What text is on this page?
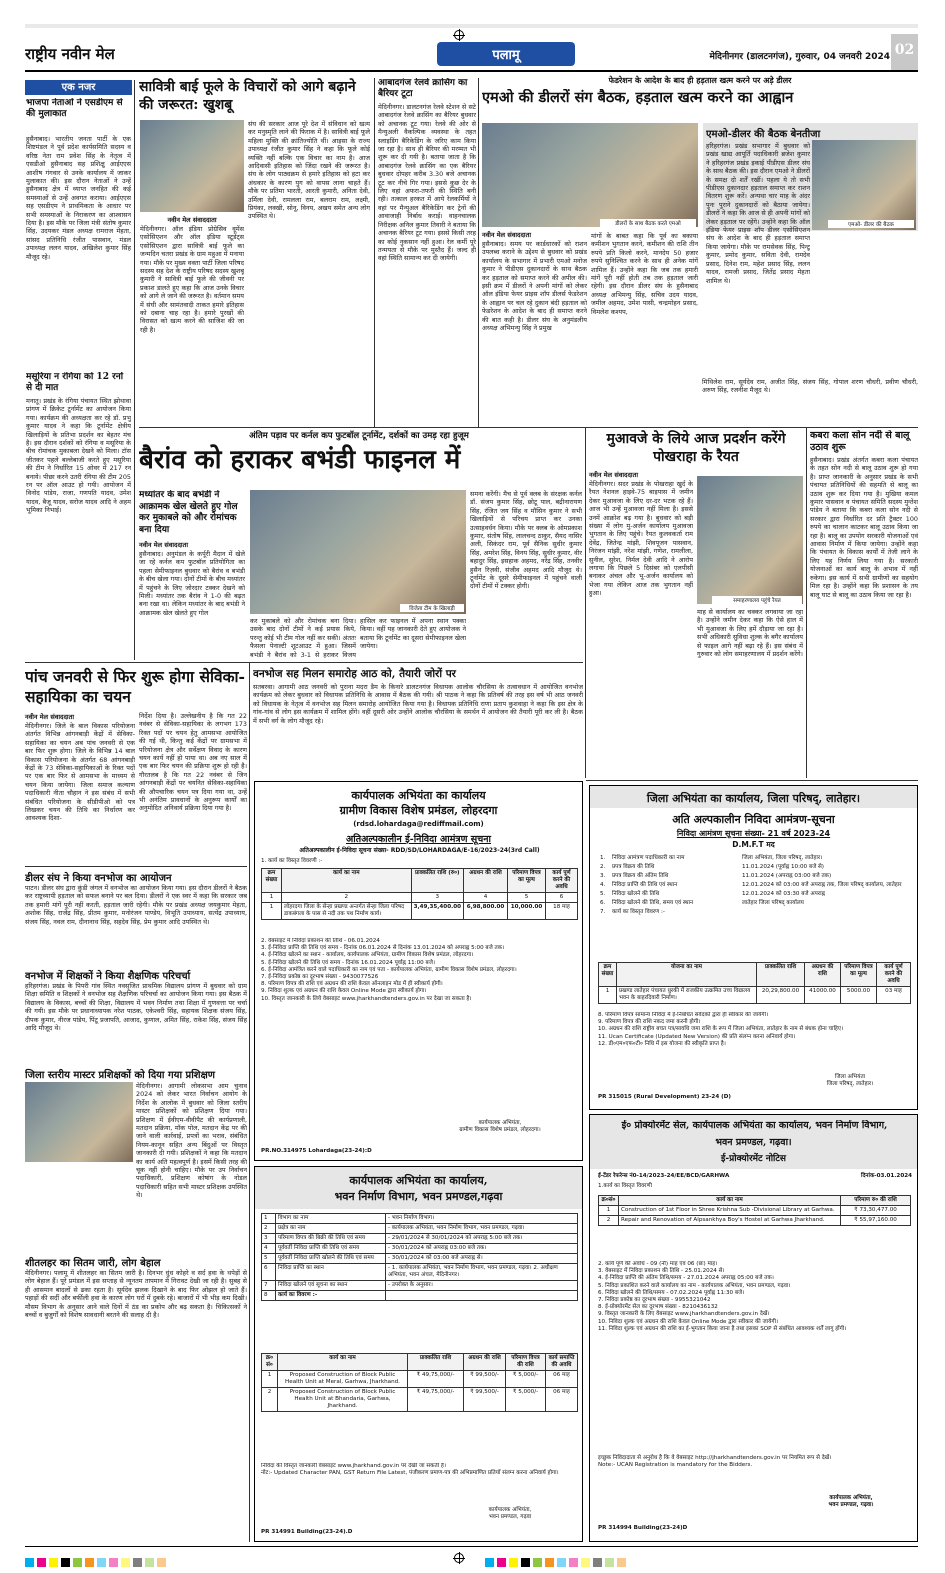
राष्ट्रीय नवीन मेल	पलामू	मेदिनीनगर (डालटनगंज), गुरुवार, 04 जनवरी 2024 02
एक नजर
भाजपा नेताओं ने एसडीएम से की मुलाकात
हुसैनाबाद। भारतीय जनता पार्टी के एक शिष्टमंडल ने पूर्व प्रदेश कार्यसमिति सदस्य व वरिष्ठ नेता राम प्रवेश सिंह के नेतृत्व में एसडीओ हुसैनाबाद सह प्रशिक्षु आईएएस आशीष गंगवार से उनके कार्यालय में जाकर मुलाकात की। इस दौरान नेताओं ने उन्हें हुसैनाबाद क्षेत्र में व्याप्त जनहित की कई समस्याओं से उन्हें अवगत कराया। आईएएस सह एसडीएम ने प्राथमिकता के आधार पर सभी समस्याओं के निराकरण का आश्वासन दिया है। इस मौके पर जिला मंत्री संतोष कुमार सिंह, उदयकर मंडल अध्यक्ष रामराज मेहता, सांसद प्रतिनिधि रंजीत पासवान, मंडल उपाध्यक्ष ललन यादव, अखिलेश कुमार सिंह मौजूद रहे।
मसूरिया न रंगिया को 12 रनों से दी मात
मनातू। प्रखंड के रंगिया पंचायत स्थित झोथावा प्रांगण में क्रिकेट टूर्नामेंट का आयोजन किया गया। कार्यक्रम की अध्यक्षता कर रहे डॉ. प्रभु कुमार यादव ने कहा कि टूर्नामेंट क्षेत्रीय खिलाड़ियों के प्रतिभा प्रदर्शन का बेहतर मंच है। इस दौरान दर्शकों को रंगिया व मसूरिया के बीच रोमांचक मुकाबला देखने को मिला। टॉस जीतकर पहले बल्लेबाजी करते हुए मसूरिया की टीम ने निर्धारित 15 ओवर में 217 रन बनाये। पीछा करने उतरी रंगिया की टीम 205 रन पर ऑल आउट हो गयी। आयोजन में विनोद पांडेय, राजा, गणपति यादव, उमेश यादव, बैजू यादव, सरोज यादव आदि ने अहम भूमिका निभाई।
सावित्री बाई फूले के विचारों को आगे बढ़ाने की जरूरत: खुशबू
नवीन मेल संवाददाता
मेदिनीनगर। ऑल इंडिया प्रोग्रेसिव वूमेंस एसोसिएशन और ऑल इंडिया स्टूडेंट्स एसोसिएशन द्वारा सावित्री बाई फूले का जन्मदिन चतरा प्रखंड के ग्राम महुआ में मनाया गया। मौके पर मुख्य वक्ता पार्टी जिला परिषद सदस्य सह देश के राष्ट्रीय परिषद सदस्य खुशबू कुमारी ने सावित्री बाई फूले की जीवनी पर प्रकाश डालते हुए कहा कि आज उनके विचार को आगे ले जाने की जरूरत है। वर्तमान समय में संघी और सामंतवादी ताकत हमारे इतिहास को दबाना चाह रहा है। हमारे पुरखों की विरासत को खत्म करने की साजिश की जा रही है।
संघ की सरकार आज पूरे देश में संविधान को खत्म कर मनुस्मृति लाने की फिराक में है। सावित्री बाई फूले महिला मुक्ति की क्रांतिज्योति थीं। आइसा के राज्य उपाध्यक्ष रंजीत कुमार सिंह ने कहा कि फूले कोई व्यक्ति नहीं बल्कि एक विचार का नाम है। आज आदिवासी इतिहास को जिंदा रखने की जरूरत है। संघ के लोग पाठ्यक्रम से हमारे इतिहास को हटा कर अंधकार के कारण युग को वापस लाना चाहते हैं। मौके पर प्रतिमा भारती, आरती कुमारी, अनिता देवी, उर्मिला देवी, रामलला राम, बलराम राम, लक्ष्मी, प्रियंका, लक्खी, सोनू, विनय, अखय समेत अन्य लोग उपस्थित थे।
आबादगंज रेलवे क्रासिंग का बैरियर टूटा
मेदिनीनगर। डालटनगंज रेलवे स्टेशन से सटे आबादगंज रेलवे क्रासिंग का बैरियर बुधवार को अचानक टूट गया। रेलवे की ओर से मैन्युअली वैकल्पिक व्यवस्था के तहत स्लाइडिंग बैरिकेडिंग के जरिए काम किया जा रहा है। साथ ही बैरियर की मरम्मत भी शुरू कर दी गयी है। बताया जाता है कि आबादगंज रेलवे क्रासिंग का एक बैरियर बुधवार दोपहर करीब 3.30 बजे अचानक टूट कर नीचे गिर गया। इससे कुछ देर के लिए वहां अफरा-तफरी की स्थिति बनी रही। तत्काल हरकत में आये रेलकर्मियों ने वहां पर मैन्युअल बैरिकेडिंग कर ट्रेनों की आवाजाही निर्बाध कराई। वाहनचालक निरीक्षक अनिल कुमार तिवारी ने बताया कि अचानक बैरियर टूट गया। इससे किसी तरह का कोई नुकसान नहीं हुआ। रेल कर्मी पूरे तन्मयता से मौके पर मुस्तैद हैं। जल्द ही वहां स्थिति सामान्य कर दी जायेगी।
फेडरेशन के आदेश के बाद ही हड़ताल खत्म करने पर अड़े डीलर
एमओ की डीलरों संग बैठक, हड़ताल खत्म करने का आह्वान
डीलरों के साथ बैठक करते एमओ
नवीन मेल संवाददाता
हुसैनाबाद। समय पर कार्डधारकों को राशन उपलब्ध कराने के उद्देश्य से बुधवार को प्रखंड कार्यालय के सभागार में प्रभारी एमओ मनोज कुमार ने पीडीएस दुकानदारों के साथ बैठक कर हड़ताल को समाप्त करने की अपील की। इसी क्रम में डीलरों ने अपनी मांगों को लेकर ऑल इंडिया फेयर प्राइस शॉप डीलर्स फेडरेशन के आह्वान पर चल रहे दुकान बंदी हड़ताल को फेडरेशन के आदेश के बाद ही समाप्त करने की बात कही है। डीलर संघ के अनुमंडलीय अध्यक्ष अभिमन्यु सिंह ने प्रमुख
मांगों के बाबत कहा कि पूर्व का बकाया कमीशन भुगतान करने, कमीशन की राशि तीन रुपये प्रति किलो करने, मानदेय 50 हजार रुपये सुनिश्चित करने के साथ ही अनेक मांगें शामिल हैं। उन्होंने कहा कि जब तक हमारी मांगें पूरी नहीं होती तब तक हड़ताल जारी रहेगी। इस दौरान डीलर संघ के हुसैनाबाद अध्यक्ष अभिमन्यु सिंह, सचिव उदय यादव, जमील अहमद, उमेश पासी, चन्द्रमोहन प्रसाद, विमलेश कश्यप,
मिथिलेश राम, सूर्यदेव राम, अजीत सिंह, संजय सिंह, गोपाल शरण चौधरी, प्रवीण चौधरी, अरुण सिंह, रजनीश मैजूद थे।
एमओ-डीलर की बैठक बेनतीजा
एमओ- डीलर की बैठक
हरिहरगंज। प्रखंड सभागार में बुधवार को प्रखंड खाद्य आपूर्ति पदाधिकारी ब्रजेश कुमार ने हरिहरगंज प्रखंड इकाई पीडीएस डीलर संघ के साथ बैठक की। इस दौरान एमओ ने डीलरों के समक्ष दो शर्तें रखीं। पहला ये तो सभी पीडीएस दुकानदार हड़ताल समाप्त कर राशन वितरण शुरू करें। अन्यथा चार माह के अंदर पुनः पुराने दुकानदारों को बैठाया जायेगा। डीलरों ने कहा कि आज से ही अपनी मांगों को लेकर हड़ताल पर रहेंगे। उन्होंने कहा कि ऑल इंडिया फेयर प्राइस शॉप डीलर एसोसिएशन संघ के आदेश के बाद ही हड़ताल समाप्त किया जायेगा। मौके पर रामसेवक सिंह, पिन्टू कुमार, प्रमोद कुमार, सविता देवी, रामदेव प्रसाद, दिनेश राम, महेश प्रसाद सिंह, ललन यादव, रामजी प्रसाद, जितेंद्र प्रसाद मेहता शामिल थे।
अंतिम पड़ाव पर कर्नल कप फुटबॉल टूर्नामेंट, दर्शकों का उमड़ रहा हुजूम
बैरांव को हराकर बभंडी फाइनल में
मध्यांतर के बाद बभंडी ने आक्रामक खेल खेलते हुए गोल कर मुकाबले को और रोमांचक बना दिया
नवीन मेल संवाददाता
हुसैनाबाद। अनुमंडल के कर्पूरी मैदान में खेले जा रहे कर्नल कप फुटबॉल प्रतियोगिता का पहला सेमीफाइनल बुधवार को बैरांव व बभंडी के बीच खेला गया। दोनों टीमों के बीच मध्यांतर में पहुंचने के लिए जोरदार टक्कर देखने को मिली। मध्यांतर तक बैरांव ने 1-0 की बढ़त बना रखा था। लेकिन मध्यांतर के बाद बभंडी ने आक्रामक खेल खेलते हुए गोल	विजेता टीम के खिलाड़ी
कर मुकाबले को और रोमांचक बना दिया। उसके बाद दोनों टीमों ने कई प्रयास किये, परन्तु कोई भी टीम गोल नहीं कर सकी। अंततः फैसला पेनाल्टी शूटआउट में हुआ। जिसमें बभंडी ने बैरांव को 3-1 से हराकर विजय हासिल कर फाइनल में अपना स्थान पक्का किया। वहीं यह जानकारी देते हुए आयोजक ने बताया कि टूर्नामेंट का दूसरा सेमीफाइनल खेला जायेगा।
समना करेंगी। मैच से पूर्व क्लब के संरक्षक कर्नल डॉ. संजय कुमार सिंह, छोटू पाल, बद्रीनारायण सिंह, रंजित जय सिंह व मौसिन कुमार ने सभी खिलाड़ियों से परिचय प्राप्त कर उनका उत्साहवर्धन किया। मौके पर क्लब के ओमप्रकाश कुमार, संतोष सिंह, लालचन्द ठाकुर, सैयद नासिर अली, सिकंदर राम, पूर्व सैनिक सुधीर कुमार सिंह, अमरेश सिंह, विनय सिंह, सुधीर कुमार, वीर बहादुर सिंह, इसहाक अहमद, नरेंद्र सिंह, तनवीर हुसैन रिज़वी, संजीव अहमद आदि मौजूद थे। टूर्नामेंट के दूसरे सेमीफाइनल में पहुंचने वाली दोनों टीमों में टक्कर होगी।
मुआवजे के लिये आज प्रदर्शन करेंगे पोखराहा के रैयत
नवीन मेल संवाददाता
मेदिनीनगर। सदर प्रखंड के पोखराहा खुर्द के रैयत नेशनल हाइवे-75 बाइपास में जमीन देकर मुआवजा के लिए दर-दर भटक रहे हैं। आज भी उन्हें मुआवजा नहीं मिला है। इससे उनमें आक्रोश बढ़ गया है। बुधवार को बड़ी संख्या में लोग मु-अर्जन कार्यालय मुआवजा भुगतान के लिए पहुंचे। रैयत कुलवकर्ता राम देवेंद्र, जितेन्द्र मांझी, शिवपूजन पासवान, निरंजन मांझी, नरेश मांझी, गणेश, रामलीला, सुनील, सुरेश, निर्मल देवी आदि ने आरोप लगाया कि पिछले 5 दिसंबर को एलपीसी बनाकर अंचल और भू-अर्जन कार्यालय को भेजा गया लेकिन आज तक भुगतान नहीं हुआ।
समाहरणालय पहुंचे रैयत
माह से कार्यालय का चक्कर लगवाया जा रहा है। उन्होंने जमीन देकर कहा कि ऐसे हाल में भी मुआवजा के लिए हमें दौड़ाया जा रहा है। सभी अधिकारी सुविधा शुल्क के बगैर कार्यालय से फाइल आगे नहीं बढ़ा रहे हैं। इस संबंध में गुरुवार को लोग समाहरणालय में प्रदर्शन करेंगे।
कबरा कला सोन नदी से बालू उठाव शुरू
हुसैनाबाद। प्रखंड अंतर्गत कबरा कला पंचायत के तहत सोन नदी से बालू उठाव शुरू हो गया है। प्राप्त जानकारी के अनुसार प्रखंड के सभी पंचायत प्रतिनिधियों की सहमति से बालू का उठाव शुरू कर दिया गया है। मुखिया कमल कुमार पासवान व पंचायत समिति सदस्य मुन्तेश पांडेय ने बताया कि कबरा कला सोन नदी से सरकार द्वारा निर्धारित दर प्रति ट्रैक्टर 100 रुपये का चालान काटकर बालू उठाव किया जा रहा है। बालू का उपयोग सरकारी योजनाओं एवं आवास निर्माण में किया जायेगा। उन्होंने कहा कि पंचायत के विकास कार्यों में तेजी लाने के लिए यह निर्णय लिया गया है। सरकारी योजनाओं का कार्य बालू के अभाव में नहीं रुकेगा। इस कार्य में सभी ग्रामीणों का सहयोग मिल रहा है। उन्होंने कहा कि प्रशासन के तय बालू घाट से बालू का उठाव किया जा रहा है।
पांच जनवरी से फिर शुरू होगा सेविका-सहायिका का चयन
नवीन मेल संवाददाता
मेदिनीनगर। जिले के बाल विकास परियोजना अंतर्गत विभिन्न आंगनबाड़ी केंद्रों में सेविका-सहायिका का चयन अब पांच जनवरी से एक बार फिर शुरू होगा। जिले के विभिन्न 14 बाल विकास परियोजना के अंतर्गत 68 आंगनबाड़ी केंद्रों के 73 सेविका-सहायिकाओं के रिक्त पदों पर एक बार फिर से आमसभा के माध्यम से चयन किया जायेगा। जिला समाज कल्याण पदाधिकारी नीता चौहान ने इस संबंध में सभी संबंधित परियोजना के सीडीपीओ को पत्र लिखकर चयन की तिथि का निर्धारण कर आवश्यक दिशा-
निर्देश दिया है। उल्लेखनीय है कि गत 22 नवंबर से सेविका-सहायिका के लगभग 173 रिक्त पदों पर चयन हेतु आमसभा आयोजित की गई थी, किन्तु कई केंद्रों पर ग्रामसभा में परियोजना क्षेत्र और सर्वेक्षण विवाद के कारण चयन कार्य नहीं हो पाया था। अब नए साल में एक बार फिर चयन की प्रक्रिया शुरू हो रही है। गौरतलब है कि गत 22 नवंबर से जिन आंगनबाड़ी केंद्रों पर चयनित सेविका-सहायिका की औपचारिक चयन पत्र दिया गया था, उन्हें भी अनंतिम प्रावधानों के अनुरूप कार्यों का अनुमोदित अनिवार्य प्रक्रिया दिया गया है।
वनभोज सह मिलन समारोह आठ को, तैयारी जोरों पर
सतबरवा। आगामी आठ जनवरी को पुराना मदरा डैम के किनारे डालटनगंज विधायक आलोक चौरसिया के तत्वावधान में आयोजित वनभोज कार्यक्रम को लेकर बुधवार को विधायक प्रतिनिधि के आवास में बैठक की गयी। श्री पाठक ने कहा कि प्रतिवर्ष की तरह इस वर्ष भी आठ जनवरी को विधायक के नेतृत्व में वनभोज सह मिलन समारोह आयोजित किया गया है। विधायक प्रतिनिधि राणा प्रताप कुशवाहा ने कहा कि इस क्षेत्र के गांव-गांव से लोग इस कार्यक्रम में शामिल होंगे। वहीं दूसरी ओर उन्होंने आलोक चौरसिया के समर्थन में आयोजन की तैयारी पूरी कर ली है। बैठक में सभी वर्ग के लोग मौजूद रहे।
डीलर संघ ने किया वनभोज का आयोजन
पाटन। डीलर संघ द्वारा कुंडी जंगल में वनभोज का आयोजन किया गया। इस दौरान डीलरों ने बैठक कर राष्ट्रव्यापी हड़ताल को सफल बनाने पर बल दिया। डीलरों ने एक स्वर में कहा कि सरकार जब तक हमारी मांगें पूरी नहीं करती, हड़ताल जारी रहेगी। मौके पर प्रखंड अध्यक्ष जयकुमार मेहता, अशोक सिंह, राजेंद्र सिंह, प्रीतम कुमार, मनोरंजन पाण्डेय, विभूति उपाध्याय, सत्येंद्र उपाध्याय, संजय सिंह, नवल राम, दीनानाथ सिंह, सहदेव सिंह, प्रेम कुमार आदि उपस्थित थे।
वनभोज में शिक्षकों ने किया शैक्षणिक परिचर्चा
हरिहरगंज। प्रखंड के पिपरी गांव स्थित नवसृजित प्राथमिक विद्यालय प्रांगण में बुधवार को ग्राम शिक्षा समिति व शिक्षकों ने वनभोज सह शैक्षणिक परिचर्चा का आयोजन किया गया। इस बैठक में विद्यालय के विकास, बच्चों की शिक्षा, विद्यालय में भवन निर्माण तथा शिक्षा में गुणवत्ता पर चर्चा की गयी। इस मौके पर प्रधानाध्यापक नरेश पाठक, एकेश्वरी सिंह, सहायक शिक्षक संजय सिंह, दीपक कुमार, नीरज पांडेय, पिंटू प्रजापति, आजाद, कुणाल, अमित सिंह, राकेश सिंह, संजय सिंह आदि मौजूद थे।
जिला स्तरीय मास्टर प्रशिक्षकों को दिया गया प्रशिक्षण
मेदिनीनगर। आगामी लोकसभा आम चुनाव 2024 को लेकर भारत निर्वाचन आयोग के निर्देश के आलोक में बुधवार को जिला स्तरीय मास्टर प्रशिक्षकों को प्रशिक्षण दिया गया। प्रशिक्षण में ईवीएम-वीवीपैट की कार्यप्रणाली, मतदान प्रक्रिया, मॉक पोल, मतदान केंद्र पर की जाने वाली कार्रवाई, प्रपत्रों का भराव, संबंधित नियम-कानून सहित अन्य बिंदुओं पर विस्तृत जानकारी दी गयी। प्रशिक्षकों ने कहा कि मतदान का कार्य अति महत्वपूर्ण है। इसमें किसी तरह की चूक नहीं होनी चाहिए। मौके पर उप निर्वाचन पदाधिकारी, प्रशिक्षण कोषांग के नोडल पदाधिकारी सहित सभी मास्टर प्रशिक्षक उपस्थित थे।
शीतलहर का सितम जारी, लोग बेहाल
मेदिनीनगर। पलामू में शीतलहर का सितम जारी है। दिनभर धुंध कोहरे व सर्द हवा के थपेड़ों से लोग बेहाल हैं। पूरे प्रमंडल में इस सप्ताह से न्यूनतम तापमान में गिरावट देखी जा रही है। सुबह से ही आसमान बादलों से ढका रहता है। सूर्यदेव झलक दिखाने के बाद फिर ओझल हो जाते हैं। पहाड़ों की सर्दी और बर्फीली हवा के कारण लोग घरों में दुबके रहे। बाजारों में भी भीड़ कम दिखी। मौसम विभाग के अनुसार आने वाले दिनों में ठंड का प्रकोप और बढ़ सकता है। चिकित्सकों ने बच्चों व बुजुर्गों को विशेष सावधानी बरतने की सलाह दी है।
कार्यपालक अभियंता का कार्यालय
ग्रामीण विकास विशेष प्रमंडल, लोहरदगा
(rdsd.lohardaga@rediffmail.com)
अतिअल्पकालीन ई-निविदा आमंत्रण सूचना
अतिअल्पकालीन ई-निविदा सूचना संख्या- RDD/SD/LOHARDAGA/E-16/2023-24(3rd Call)
1. कार्य का विस्तृत विवरणी :-
क्रम संख्या	कार्य का नाम	प्राक्कलित राशि (रु०)	अग्रधन की राशि	परिमाण विपत्र का मूल्य	कार्य पूर्ण करने की अवधि
1	2	3	4	5	6
1	लोहरदगा जिला के सेन्हा प्रखण्ड अन्तर्गत सेन्हा जिला परिषद डाकबंगला के पास से नदी तक पथ निर्माण कार्य।	3,49,35,400.00	6,98,800.00	10,000.00	18 माह
2. वेबसाइट में निविदा प्रकाशन की तिथि - 06.01.2024
3. ई-निविदा प्राप्ति की तिथि एवं समय - दिनांक 06.01.2024 से दिनांक 13.01.2024 को अपराह्न 5:00 बजे तक।
4. ई-निविदा खोलने का स्थान - कार्यालय, कार्यपालक अभियंता, ग्रामीण विकास विशेष प्रमंडल, लोहरदगा।
5. ई-निविदा खोलने की तिथि एवं समय - दिनांक 16.01.2024 पूर्वाह्न 11:00 बजे।
6. ई-निविदा आमंत्रित करने वाले पदाधिकारी का नाम एवं पता - कार्यपालक अभियंता, ग्रामीण विकास विशेष प्रमंडल, लोहरदगा।
7. ई-निविदा प्रकोष्ठ का दूरभाष संख्या - 9430077526
8. परिमाण विपत्र की राशि एवं अग्रधन की राशि केवल ऑनलाइन मोड में ही स्वीकार्य होगी।
9. निविदा शुल्क एवं अग्रधन की राशि केवल Online Mode द्वारा स्वीकार्य होगा।
10. विस्तृत जानकारी के लिये वेबसाइट www.jharkhandtenders.gov.in पर देखा जा सकता है।
कार्यपालक अभियंता,
ग्रामीण विकास विशेष प्रमंडल, लोहरदगा।
PR.NO.314975 Lohardaga(23-24):D
कार्यपालक अभियंता का कार्यालय,
भवन निर्माण विभाग, भवन प्रमण्डल,गढ़वा
1	विभाग का नाम	- भवन निर्माण विभाग।
2	प्रक्षेत्र का नाम	- कार्यपालक अभियंता, भवन निर्माण विभाग, भवन प्रमण्डल, गढ़वा।
3	परिमाण विपत्र की बिक्री की तिथि एवं समय	- 29/01/2024 से 30/01/2024 को अपराह्न 5:00 बजे तक।
4	पूर्ववर्ती निविदा प्राप्ति की तिथि एवं समय	- 30/01/2024 को अपराह्न 03:00 बजे तक।
5	पूर्ववर्ती निविदा प्राप्ति खोलने की तिथि एवं समय	- 30/01/2024 को 03:00 बजे अपराह्न से।
6	निविदा प्राप्ति का स्थान	- 1. कार्यपालक अभियंता, भवन निर्माण विभाग, भवन प्रमण्डल, गढ़वा। 2. अधीक्षण अभियंता, भवन अंचल, मेदिनीनगर।
7	निविदा खोलने एवं सूचना का स्थान	- उपरोक्त के अनुसार।
8	कार्य का विवरण :-	
क्र० सं०	कार्य का नाम	प्राक्कलित राशि	अग्रधन की राशि	परिमाण विपत्र की राशि	कार्य समाप्ति की अवधि
1	Proposed Construction of Block Public Health Unit at Meral, Garhwa, Jharkhand.	₹ 49,75,000/-	₹ 99,500/-	₹ 5,000/-	06 माह
2	Proposed Construction of Block Public Health Unit at Bhandaria, Garhwa, Jharkhand.	₹ 49,75,000/-	₹ 99,500/-	₹ 5,000/-	06 माह
निविदा की विस्तृत जानकारी वेबसाइट www.jharkhand.gov.in पर देखी जा सकती है।
नोट:- Updated Character PAN, GST Return File Latest, पंजीकरण प्रमाण-पत्र की अभिप्रमाणित प्रतियाँ संलग्न करना अनिवार्य होगा।
कार्यपालक अभियंता,
भवन प्रमण्डल, गढ़वा
PR 314991 Building(23-24).D
जिला अभियंता का कार्यालय, जिला परिषद्, लातेहार।
अति अल्पकालीन निविदा आमंत्रण-सूचना
निविदा आमंत्रण सूचना संख्या- 21 वर्ष 2023-24
D.M.F.T मद
1.	निविदा आमंत्रण पदाधिकारी का नाम	जिला अभियंता, जिला परिषद्, लातेहार।
2.	प्रपत्र विक्रय की तिथि	11.01.2024 (पूर्वाह्न 10:00 बजे से)
3.	प्रपत्र विक्रय की अंतिम तिथि	11.01.2024 (अपराह्न 03:00 बजे तक)
4.	निविदा प्राप्ति की तिथि एवं स्थान	12.01.2024 को 03:00 बजे अपराह्न तक, जिला परिषद् कार्यालय, लातेहार
5.	निविदा खोलने की तिथि	12.01.2024 को 03:30 बजे अपराह्न
6.	निविदा खोलने की तिथि, समय एवं स्थान	लातेहार जिला परिषद् कार्यालय
7.	कार्य का विस्तृत विवरण :-	
क्रम संख्या	योजना का नाम	प्राक्कलित राशि	अग्रधन की राशि	परिमाण विपत्र का मूल्य	कार्य पूर्ण करने की अवधि
1	प्रखण्ड लातेहार पंचायत धुरकी में राजकीय उत्क्रमित उच्च विद्यालय भवन के बाहरदिवारी निर्माण।	20,29,800.00	41000.00	5000.00	03 माह
8. परिमाण विपत्र सामान्य निविदा में ई-निबंधित संवेदकों द्वारा ही स्वीकार की जायेगी।
9. परिमाण विपत्र की राशि नकद जमा करनी होगी।
10. अग्रधन की राशि राष्ट्रीय बचत पत्र/सावधि जमा राशि के रूप में जिला अभियंता, लातेहार के नाम से बंधक होना चाहिए।
11. Ucan Certificate (Updated New Version) की प्रति संलग्न करना अनिवार्य होगा।
12. डी०एम०एफ०टी० निधि में इस योजना की स्वीकृति प्राप्त है।
जिला अभियंता
जिला परिषद्, लातेहार।
PR 315015 (Rural Development) 23-24 (D)
ई० प्रोक्योरमेंट सेल, कार्यपालक अभियंता का कार्यालय, भवन निर्माण विभाग,
भवन प्रमण्डल, गढ़वा।
ई-प्रोक्योरमेंट नोटिस
ई-टेंडर रेफरेन्स नं0-14/2023-24/EE/BCD/GARHWA	दिनांक-03.01.2024
1.कार्य का विस्तृत विवरणी
क्र०सं०	कार्य का नाम	परिमाण रु० की राशि
1	Construction of 1st Floor in Shree Krishna Sub -Divisional Library at Garhwa.	₹ 73,30,477.00
2	Repair and Renovation of Alpsankhya Boy's Hostel at Garhwa Jharkhand.	₹ 55,97,160.00
2. कार्य पूर्ण की अवधि - 09 (नौ) माह एवं 06 (छः) माह।
3. वेबसाइट में निविदा प्रकाशन की तिथि - 25.01.2024 से।
4. ई-निविदा प्राप्ति की अंतिम तिथि/समय - 27.01.2024 अपराह्न 05:00 बजे तक।
5. निविदा प्रकाशित करने वाले कार्यालय का नाम - कार्यपालक अभियंता, भवन प्रमण्डल, गढ़वा।
6. निविदा खोलने की तिथि/समय - 07.02.2024 पूर्वाह्न 11:30 बजे।
7. निविदा प्रकोष्ठ का दूरभाष संख्या - 9955321042
8. ई-प्रोक्योरमेंट सेल का दूरभाष संख्या - 8210436132
9. विस्तृत जानकारी के लिए वेबसाइट www.jharkhandtenders.gov.in देखें।
10. निविदा शुल्क एवं अग्रधन की राशि केवल Online Mode द्वारा स्वीकार की जायेगी।
11. निविदा शुल्क एवं अग्रधन की राशि का ई-भुगतान किया जाना है तथा इसका SOP से संबंधित आवश्यक शर्तें लागू होंगी।
इच्छुक निविदादाता से अनुरोध है कि वे वेबसाइट http://jharkhandtenders.gov.in पर नियमित रूप से देखें।
Note:- UCAN Registration is mandatory for the Bidders.
कार्यपालक अभियंता,
भवन प्रमण्डल, गढ़वा।
PR 314994 Building(23-24)D
